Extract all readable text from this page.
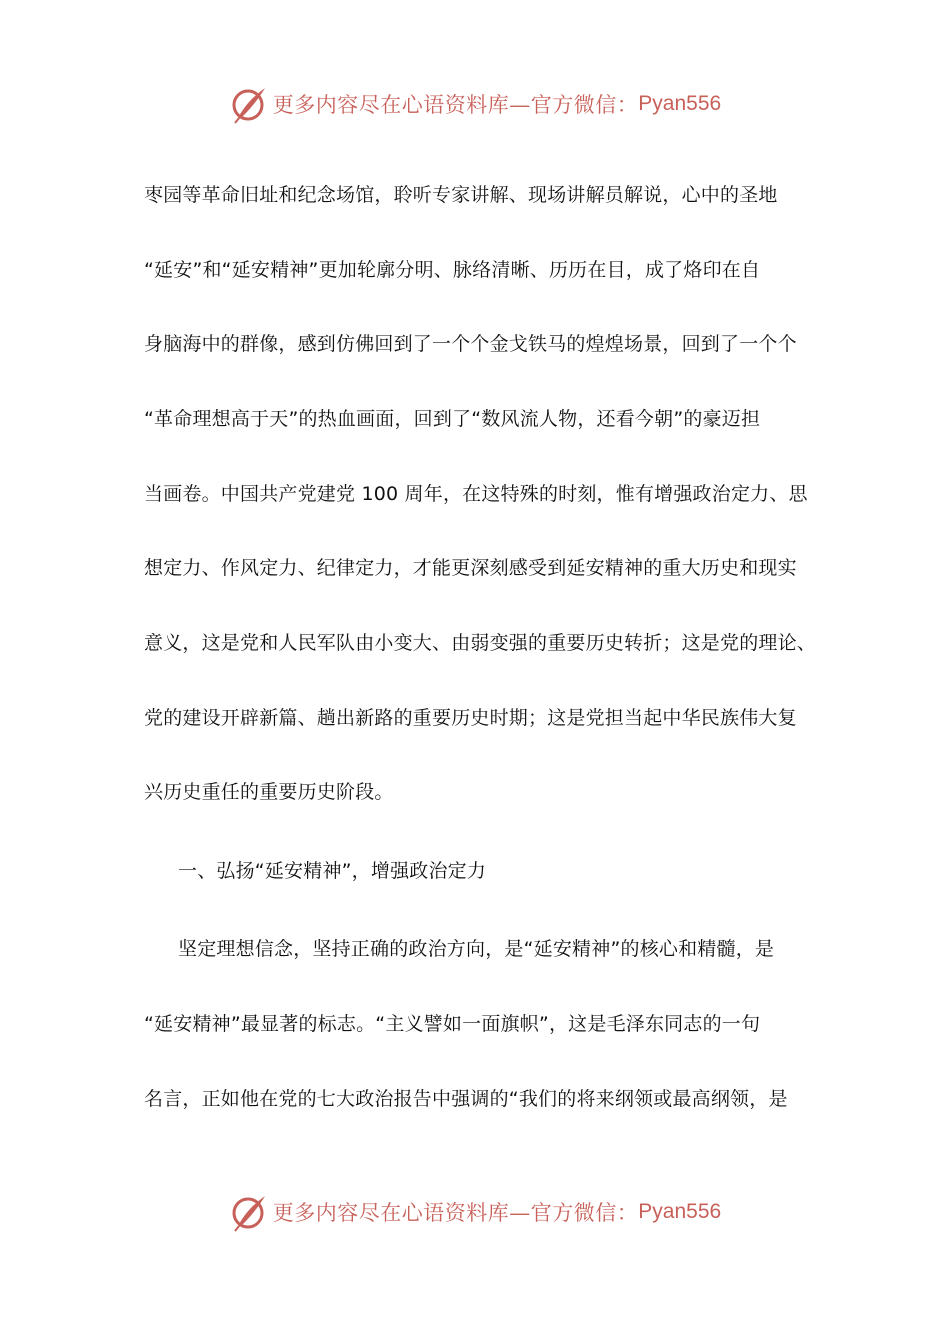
更多内容尽在心语资料库—官方微信： Pyan556
枣园等革命旧址和纪念场馆，聆听专家讲解、现场讲解员解说，心中的圣地
“延安”和“延安精神”更加轮廓分明、脉络清晰、历历在目，成了烙印在自
身脑海中的群像，感到仿佛回到了一个个金戈铁马的煌煌场景，回到了一个个
“革命理想高于天”的热血画面，回到了“数风流人物，还看今朝”的豪迈担
当画卷。中国共产党建党 100 周年，在这特殊的时刻，惟有增强政治定力、思
想定力、作风定力、纪律定力，才能更深刻感受到延安精神的重大历史和现实
意义，这是党和人民军队由小变大、由弱变强的重要历史转折；这是党的理论、
党的建设开辟新篇、趟出新路的重要历史时期；这是党担当起中华民族伟大复
兴历史重任的重要历史阶段。
一、弘扬“延安精神”，增强政治定力
坚定理想信念，坚持正确的政治方向，是“延安精神”的核心和精髓，是
“延安精神”最显著的标志。“主义譬如一面旗帜”，这是毛泽东同志的一句
名言，正如他在党的七大政治报告中强调的“我们的将来纲领或最高纲领，是
更多内容尽在心语资料库—官方微信： Pyan556
